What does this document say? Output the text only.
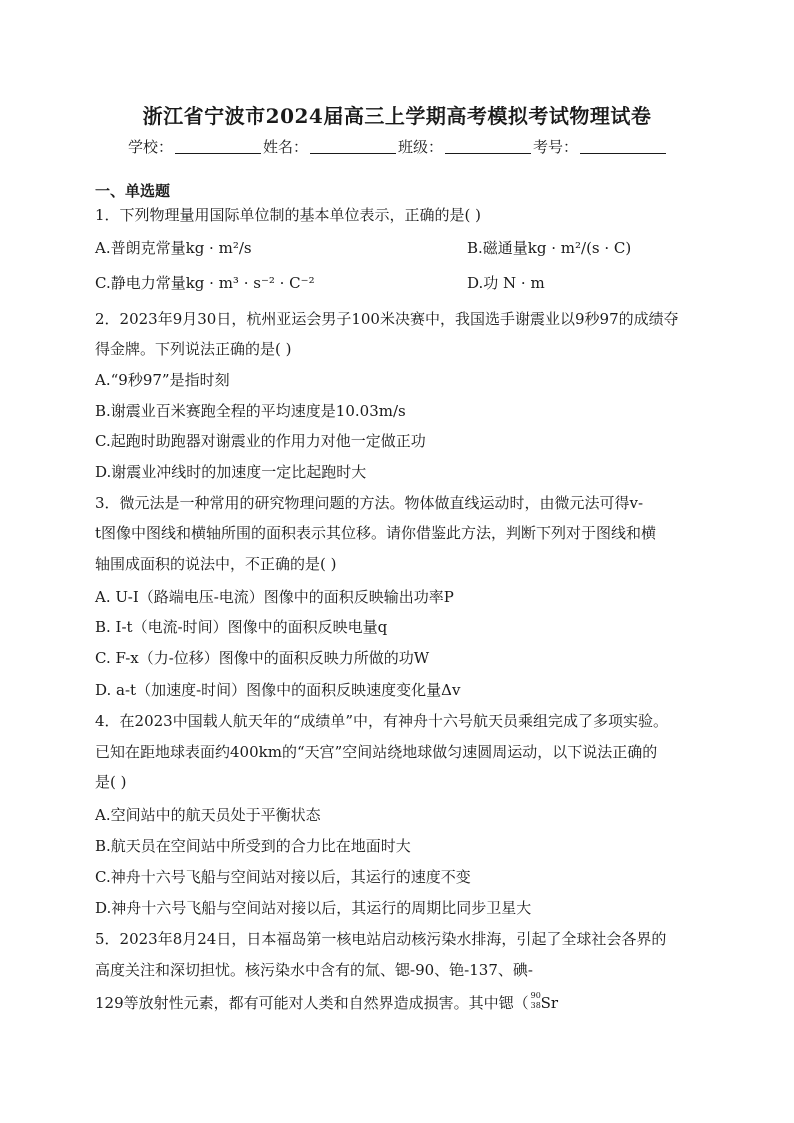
浙江省宁波市2024届高三上学期高考模拟考试物理试卷
学校：	姓名：	班级：	考号：
一、单选题
1．下列物理量用国际单位制的基本单位表示，正确的是( )
A.普朗克常量kg · m²/s	B.磁通量kg · m²/(s · C)
C.静电力常量kg · m³ · s⁻² · C⁻²	D.功 N · m
2．2023年9月30日，杭州亚运会男子100米决赛中，我国选手谢震业以9秒97的成绩夺
得金牌。下列说法正确的是( )
A.“9秒97”是指时刻
B.谢震业百米赛跑全程的平均速度是10.03m/s
C.起跑时助跑器对谢震业的作用力对他一定做正功
D.谢震业冲线时的加速度一定比起跑时大
3．微元法是一种常用的研究物理问题的方法。物体做直线运动时，由微元法可得v-
t图像中图线和横轴所围的面积表示其位移。请你借鉴此方法，判断下列对于图线和横
轴围成面积的说法中，不正确的是( )
A. U-I（路端电压-电流）图像中的面积反映输出功率P
B. I-t（电流-时间）图像中的面积反映电量q
C. F-x（力-位移）图像中的面积反映力所做的功W
D. a-t（加速度-时间）图像中的面积反映速度变化量Δv
4．在2023中国载人航天年的“成绩单”中，有神舟十六号航天员乘组完成了多项实验。
已知在距地球表面约400km的“天宫”空间站绕地球做匀速圆周运动，以下说法正确的
是( )
A.空间站中的航天员处于平衡状态
B.航天员在空间站中所受到的合力比在地面时大
C.神舟十六号飞船与空间站对接以后，其运行的速度不变
D.神舟十六号飞船与空间站对接以后，其运行的周期比同步卫星大
5．2023年8月24日，日本福岛第一核电站启动核污染水排海，引起了全球社会各界的
高度关注和深切担忧。核污染水中含有的氚、锶-90、铯-137、碘-
129等放射性元素，都有可能对人类和自然界造成损害。其中锶（ 90
38 Sr
